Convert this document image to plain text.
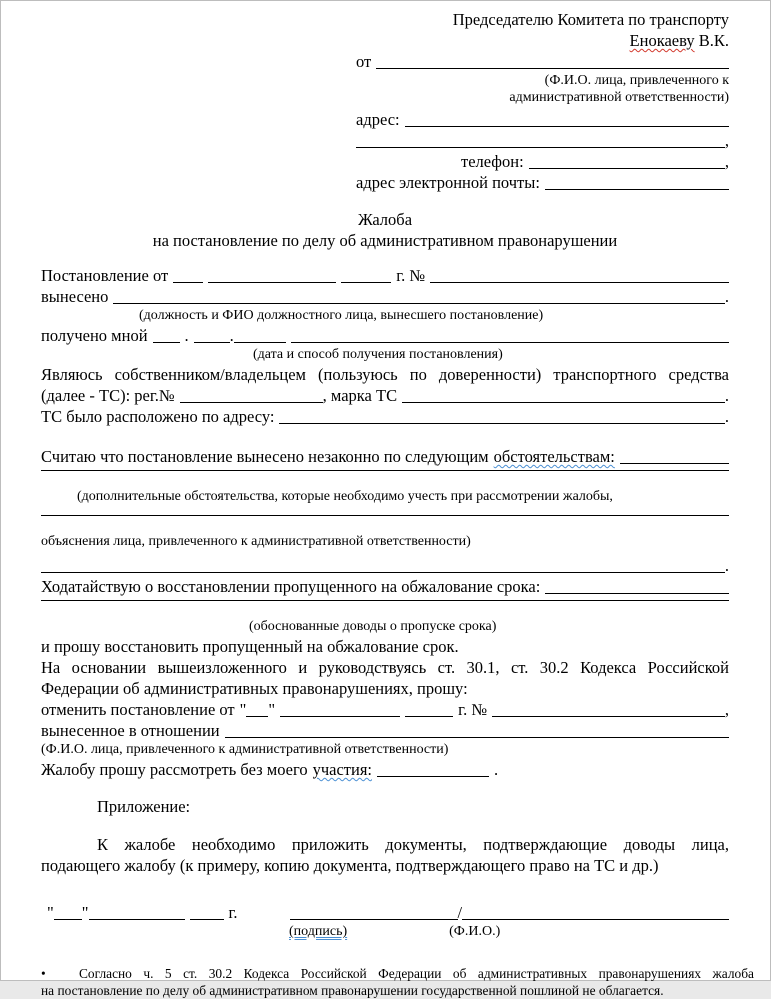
Председателю Комитета по транспорту
Енокаеву В.К.
от
(Ф.И.О. лица, привлеченного к
административной ответственности)
адрес:
,
телефон:	,
адрес электронной почты:
Жалоба
на постановление по делу об административном правонарушении
Постановление от	г. №
вынесено	.
(должность и ФИО должностного лица, вынесшего постановление)
получено мной . .
(дата и способ получения постановления)
Являюсь собственником/владельцем (пользуюсь по доверенности) транспортного средства
(далее - ТС): рег.№	, марка ТС	.
ТС было расположено по адресу:	.
Считаю что постановление вынесено незаконно по следующим обстоятельствам:
(дополнительные обстоятельства, которые необходимо учесть при рассмотрении жалобы,
объяснения лица, привлеченного к административной ответственности)
.
Ходатайствую о восстановлении пропущенного на обжалование срока:
(обоснованные доводы о пропуске срока)
и прошу восстановить пропущенный на обжалование срок.
На основании вышеизложенного и руководствуясь ст. 30.1, ст. 30.2 Кодекса Российской
Федерации об административных правонарушениях, прошу:
отменить постановление от " "	г. №	,
вынесенное в отношении
(Ф.И.О. лица, привлеченного к административной ответственности)
Жалобу прошу рассмотреть без моего участия:	.
Приложение:
К жалобе необходимо приложить документы, подтверждающие доводы лица,
подающего жалобу (к примеру, копию документа, подтверждающего право на ТС и др.)
" "	г.	/
(подпись)	(Ф.И.О.)
•	Согласно ч. 5 ст. 30.2 Кодекса Российской Федерации об административных правонарушениях жалоба
на постановление по делу об административном правонарушении государственной пошлиной не облагается.
